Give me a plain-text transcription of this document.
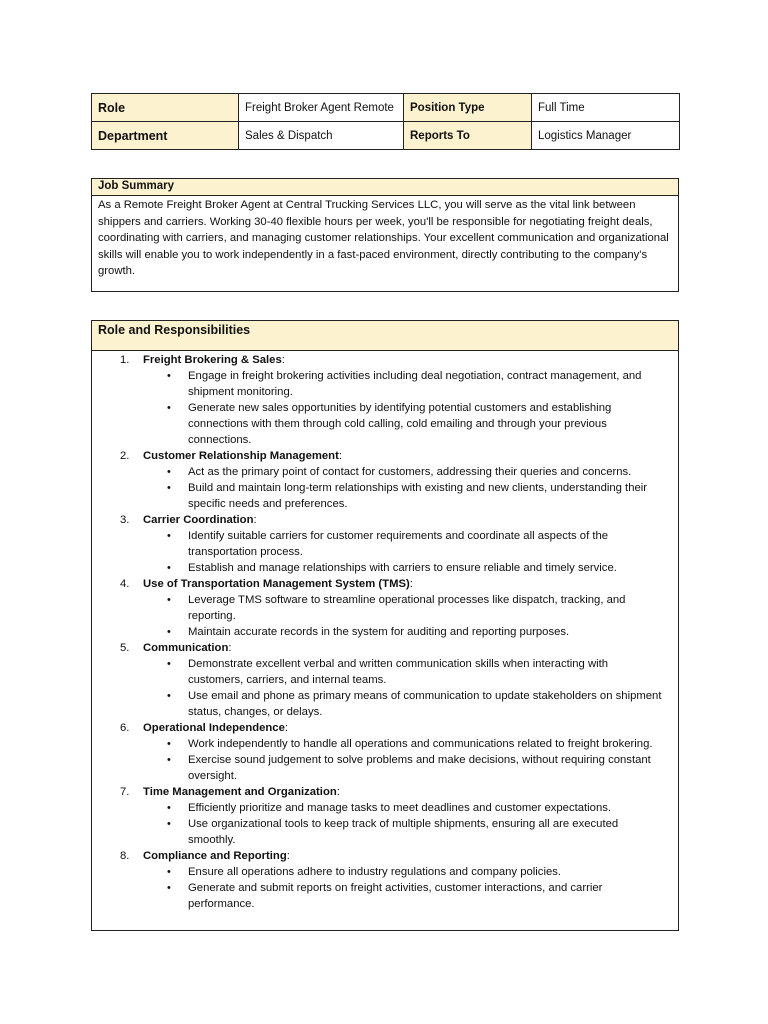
Role	Freight Broker Agent Remote	Position Type	Full Time
Department	Sales & Dispatch	Reports To	Logistics Manager
Job Summary
As a Remote Freight Broker Agent at Central Trucking Services LLC, you will serve as the vital link between shippers and carriers. Working 30-40 flexible hours per week, you'll be responsible for negotiating freight deals, coordinating with carriers, and managing customer relationships. Your excellent communication and organizational skills will enable you to work independently in a fast-paced environment, directly contributing to the company's growth.
Role and Responsibilities
1. Freight Brokering & Sales:
• Engage in freight brokering activities including deal negotiation, contract management, and shipment monitoring.
• Generate new sales opportunities by identifying potential customers and establishing connections with them through cold calling, cold emailing and through your previous connections.
2. Customer Relationship Management:
• Act as the primary point of contact for customers, addressing their queries and concerns.
• Build and maintain long-term relationships with existing and new clients, understanding their specific needs and preferences.
3. Carrier Coordination:
• Identify suitable carriers for customer requirements and coordinate all aspects of the transportation process.
• Establish and manage relationships with carriers to ensure reliable and timely service.
4. Use of Transportation Management System (TMS):
• Leverage TMS software to streamline operational processes like dispatch, tracking, and reporting.
• Maintain accurate records in the system for auditing and reporting purposes.
5. Communication:
• Demonstrate excellent verbal and written communication skills when interacting with customers, carriers, and internal teams.
• Use email and phone as primary means of communication to update stakeholders on shipment status, changes, or delays.
6. Operational Independence:
• Work independently to handle all operations and communications related to freight brokering.
• Exercise sound judgement to solve problems and make decisions, without requiring constant oversight.
7. Time Management and Organization:
• Efficiently prioritize and manage tasks to meet deadlines and customer expectations.
• Use organizational tools to keep track of multiple shipments, ensuring all are executed smoothly.
8. Compliance and Reporting:
• Ensure all operations adhere to industry regulations and company policies.
• Generate and submit reports on freight activities, customer interactions, and carrier performance.
